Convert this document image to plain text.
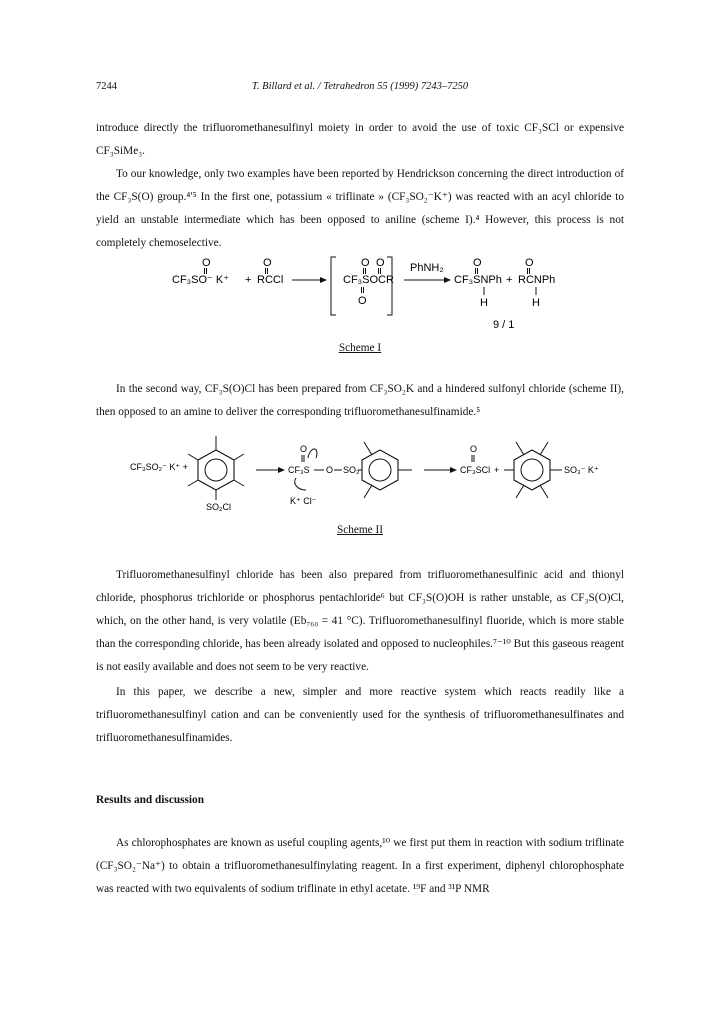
7244	T. Billard et al. / Tetrahedron 55 (1999) 7243–7250
introduce directly the trifluoromethanesulfinyl moiety in order to avoid the use of toxic CF₃SCl or expensive CF₃SiMe₃.
To our knowledge, only two examples have been reported by Hendrickson concerning the direct introduction of the CF₃S(O) group.⁴ʹ⁵ In the first one, potassium « triflinate » (CF₃SO₂⁻K⁺) was reacted with an acyl chloride to yield an unstable intermediate which has been opposed to aniline (scheme I).⁴ However, this process is not completely chemoselective.
CF₃SO⁻ K⁺
O
+ RCCl
O
CF₃SOCR
O O
O
PhNH₂
CF₃SNPh
O
H
+ RCNPh
O
H
9 / 1
Scheme I
In the second way, CF₃S(O)Cl has been prepared from CF₃SO₂K and a hindered sulfonyl chloride (scheme II), then opposed to an amine to deliver the corresponding trifluoromethanesulfinamide.⁵
CF₃SO₂⁻ K⁺ +
SO₂Cl
CF₃S
O
O SO₂
K⁺ Cl⁻
CF₃SCl
O
+	SO₃⁻ K⁺
Scheme II
Trifluoromethanesulfinyl chloride has been also prepared from trifluoromethanesulfinic acid and thionyl chloride, phosphorus trichloride or phosphorus pentachloride⁶ but CF₃S(O)OH is rather unstable, as CF₃S(O)Cl, which, on the other hand, is very volatile (Eb₇₆₀ = 41 °C). Trifluoromethanesulfinyl fluoride, which is more stable than the corresponding chloride, has been already isolated and opposed to nucleophiles.⁷⁻¹⁰ But this gaseous reagent is not easily available and does not seem to be very reactive.
In this paper, we describe a new, simpler and more reactive system which reacts readily like a trifluoromethanesulfinyl cation and can be conveniently used for the synthesis of trifluoromethanesulfinates and trifluoromethanesulfinamides.
Results and discussion
As chlorophosphates are known as useful coupling agents,¹⁰ we first put them in reaction with sodium triflinate (CF₃SO₂⁻Na⁺) to obtain a trifluoromethanesulfinylating reagent. In a first experiment, diphenyl chlorophosphate was reacted with two equivalents of sodium triflinate in ethyl acetate. ¹⁹F and ³¹P NMR
